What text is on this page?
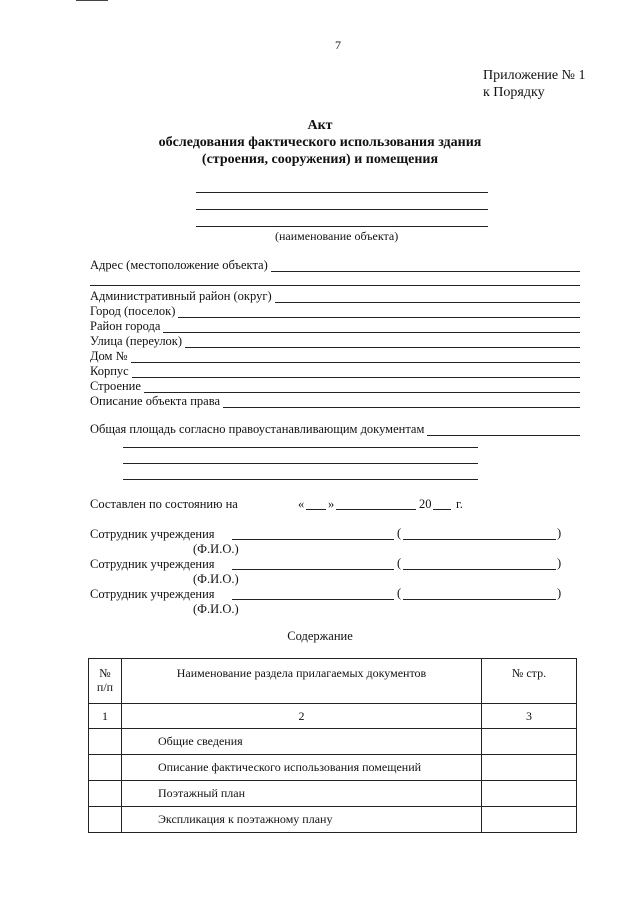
7
Приложение № 1
к Порядку
Акт
обследования фактического использования здания
(строения, сооружения) и помещения
(наименование объекта)
Адрес (местоположение объекта)
Административный район (округ)
Город (поселок)
Район города
Улица (переулок)
Дом №
Корпус
Строение
Описание объекта права
Общая площадь согласно правоустанавливающим документам
Составлен по состоянию на	« »	20 г.
Сотрудник учреждения	(	)
(Ф.И.О.)
Сотрудник учреждения	(	)
(Ф.И.О.)
Сотрудник учреждения	(	)
(Ф.И.О.)
Содержание
№
п/п	Наименование раздела прилагаемых документов	№ стр.
1	2	3
	Общие сведения	
	Описание фактического использования помещений	
	Поэтажный план	
	Экспликация к поэтажному плану	
